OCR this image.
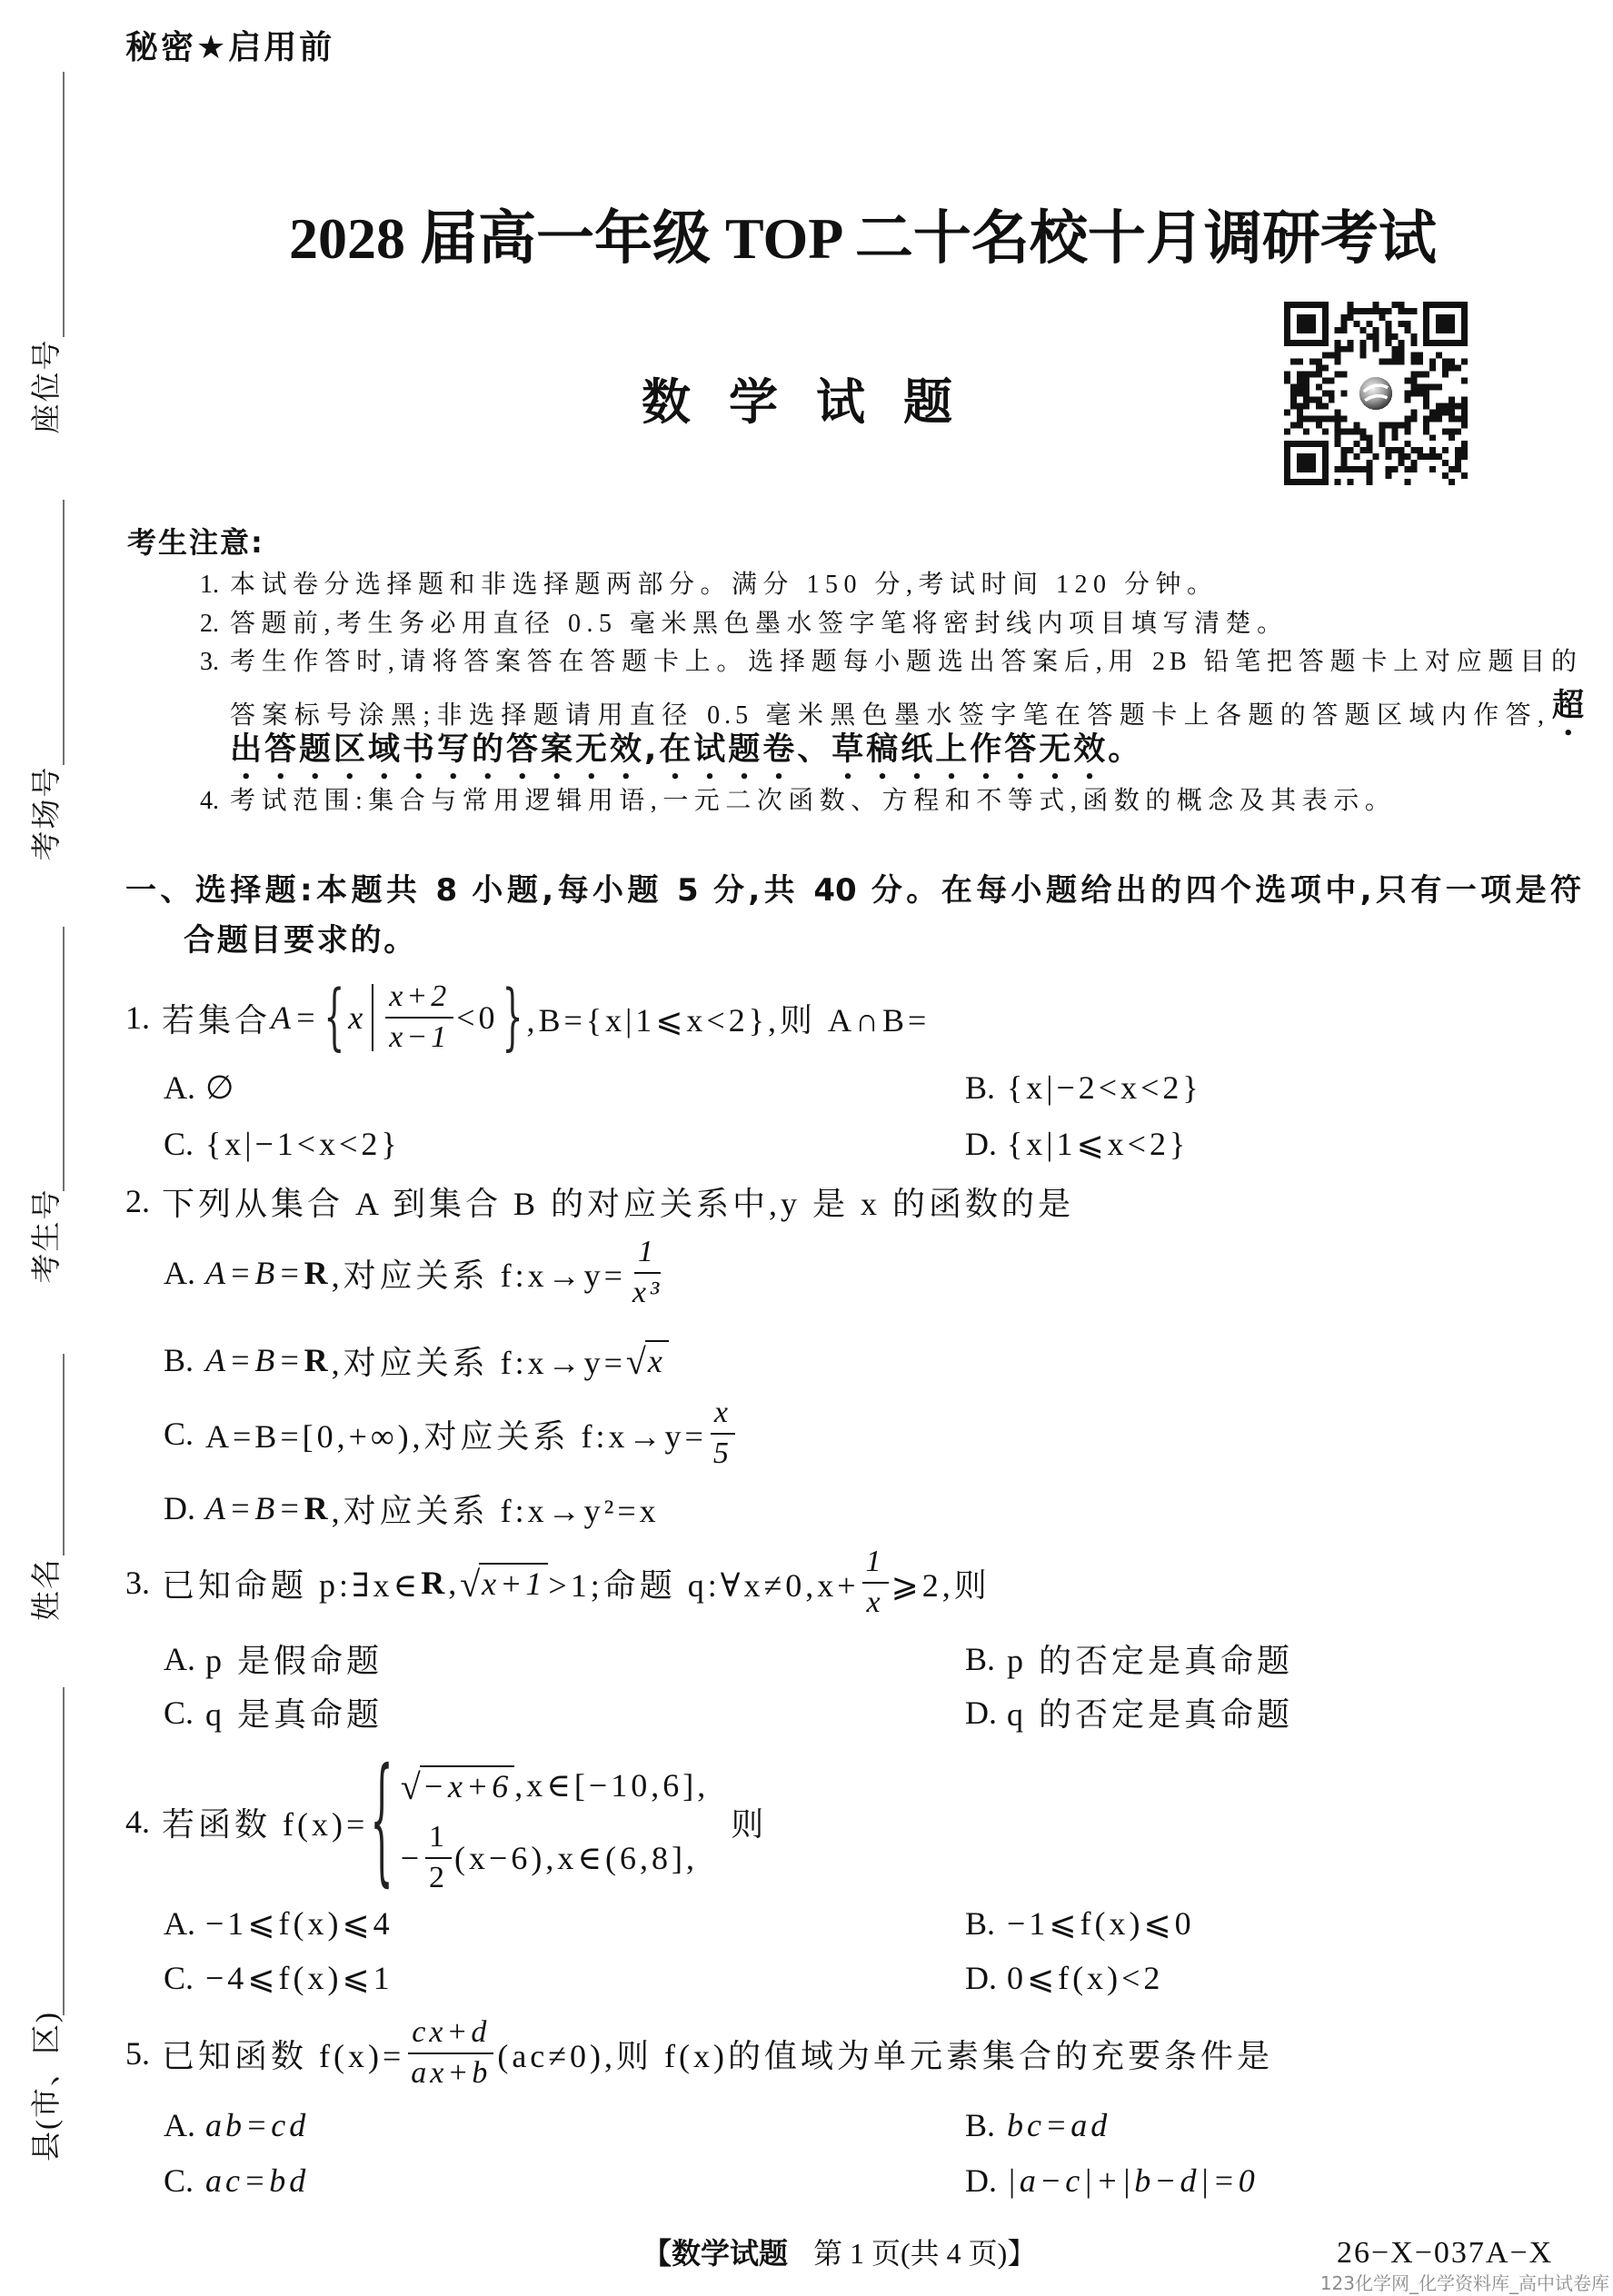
秘密★启用前
2028 届高一年级 TOP 二十名校十月调研考试
数学试题
座位号
考场号
考生号
姓名
县(市、区)
考生注意:
1. 本试卷分选择题和非选择题两部分。满分 150 分,考试时间 120 分钟。
2. 答题前,考生务必用直径 0.5 毫米黑色墨水签字笔将密封线内项目填写清楚。
3. 考生作答时,请将答案答在答题卡上。选择题每小题选出答案后,用 2B 铅笔把答题卡上对应题目的
答案标号涂黑;非选择题请用直径 0.5 毫米黑色墨水签字笔在答题卡上各题的答题区域内作答, 超
出答题区域书写的答案无效,在试题卷、草稿纸上作答无效。
4. 考试范围:集合与常用逻辑用语,一元二次函数、方程和不等式,函数的概念及其表示。
一、选择题:本题共 8 小题,每小题 5 分,共 40 分。在每小题给出的四个选项中,只有一项是符
合题目要求的。
1. 若集合 A= { x $\frac{x+2}{x-1} <0$ } ,B={x|1⩽x<2},则 A∩B=
A. ∅	B. {x|−2<x<2}
C. {x|−1<x<2}	D. {x|1⩽x<2}
2. 下列从集合 A 到集合 B 的对应关系中,y 是 x 的函数的是
A. A=B= R ,对应关系 f:x→y= $\frac{1}{\text{x³}}$
B. A=B= R ,对应关系 f:x→y= √ x
C. A=B=[0,+∞),对应关系 f:x→y= $\frac{x}{5}$
D. A=B= R ,对应关系 f:x→y²=x
3. 已知命题 p:∃x∈ R , √ x+1 >1;命题 q:∀x≠0,x+ $\frac{1}{x}$ ⩾2,则
A. p 是假命题	B. p 的否定是真命题
C. q 是真命题	D. q 的否定是真命题
4. 若函数 f(x)= { √ −x+6 ,x∈[−10,6],
− $\frac{1}{2}$ (x−6),x∈(6,8],
则
A. −1⩽f(x)⩽4	B. −1⩽f(x)⩽0
C. −4⩽f(x)⩽1	D. 0⩽f(x)<2
5. 已知函数 $f(x)= \frac{cx+d}{ax+b} (ac\ne 0)$,则 f(x)的值域为单元素集合的充要条件是
A. ab=cd	B. bc=ad
C. ac=bd	D. |a−c|+|b−d|=0
【数学试题 第 1 页(共 4 页)】	26−X−037A−X
123化学网_化学资料库_高中试卷库
